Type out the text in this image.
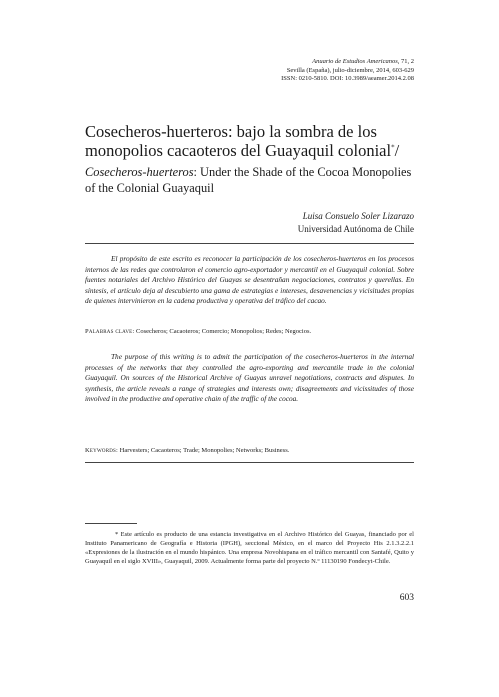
Anuario de Estudios Americanos, 71, 2
Sevilla (España), julio-diciembre, 2014, 603-629
ISSN: 0210-5810. DOI: 10.3989/aeamer.2014.2.08
Cosecheros-huerteros: bajo la sombra de los monopolios cacaoteros del Guayaquil colonial*/
Cosecheros-huerteros: Under the Shade of the Cocoa Monopolies of the Colonial Guayaquil
Luisa Consuelo Soler Lizarazo
Universidad Autónoma de Chile

El propósito de este escrito es reconocer la participación de los cosecheros-huerteros en los procesos internos de las redes que controlaron el comercio agro-exportador y mercantil en el Guayaquil colonial. Sobre fuentes notariales del Archivo Histórico del Guayas se desentrañan negociaciones, contratos y querellas. En síntesis, el artículo deja al descubierto una gama de estrategias e intereses, desavenencias y vicisitudes propias de quienes intervinieron en la cadena productiva y operativa del tráfico del cacao.

Palabras clave: Cosecheros; Cacaoteros; Comercio; Monopolios; Redes; Negocios.

The purpose of this writing is to admit the participation of the cosecheros-huerteros in the internal processes of the networks that they controlled the agro-exporting and mercantile trade in the colonial Guayaquil. On sources of the Historical Archive of Guayas unravel negotiations, contracts and disputes. In synthesis, the article reveals a range of strategies and interests own; disagreements and vicissitudes of those involved in the productive and operative chain of the traffic of the cocoa.

Keywords: Harvesters; Cacaoteros; Trade; Monopolies; Networks; Business.

* Este artículo es producto de una estancia investigativa en el Archivo Histórico del Guayas, financiado por el Instituto Panamericano de Geografía e Historia (IPGH), seccional México, en el marco del Proyecto His 2.1.3.2.2.1 «Expresiones de la ilustración en el mundo hispánico. Una empresa Novohispana en el tráfico mercantil con Santafé, Quito y Guayaquil en el siglo XVIII», Guayaquil, 2009. Actualmente forma parte del proyecto N.º 11130190 Fondecyt-Chile.

603
